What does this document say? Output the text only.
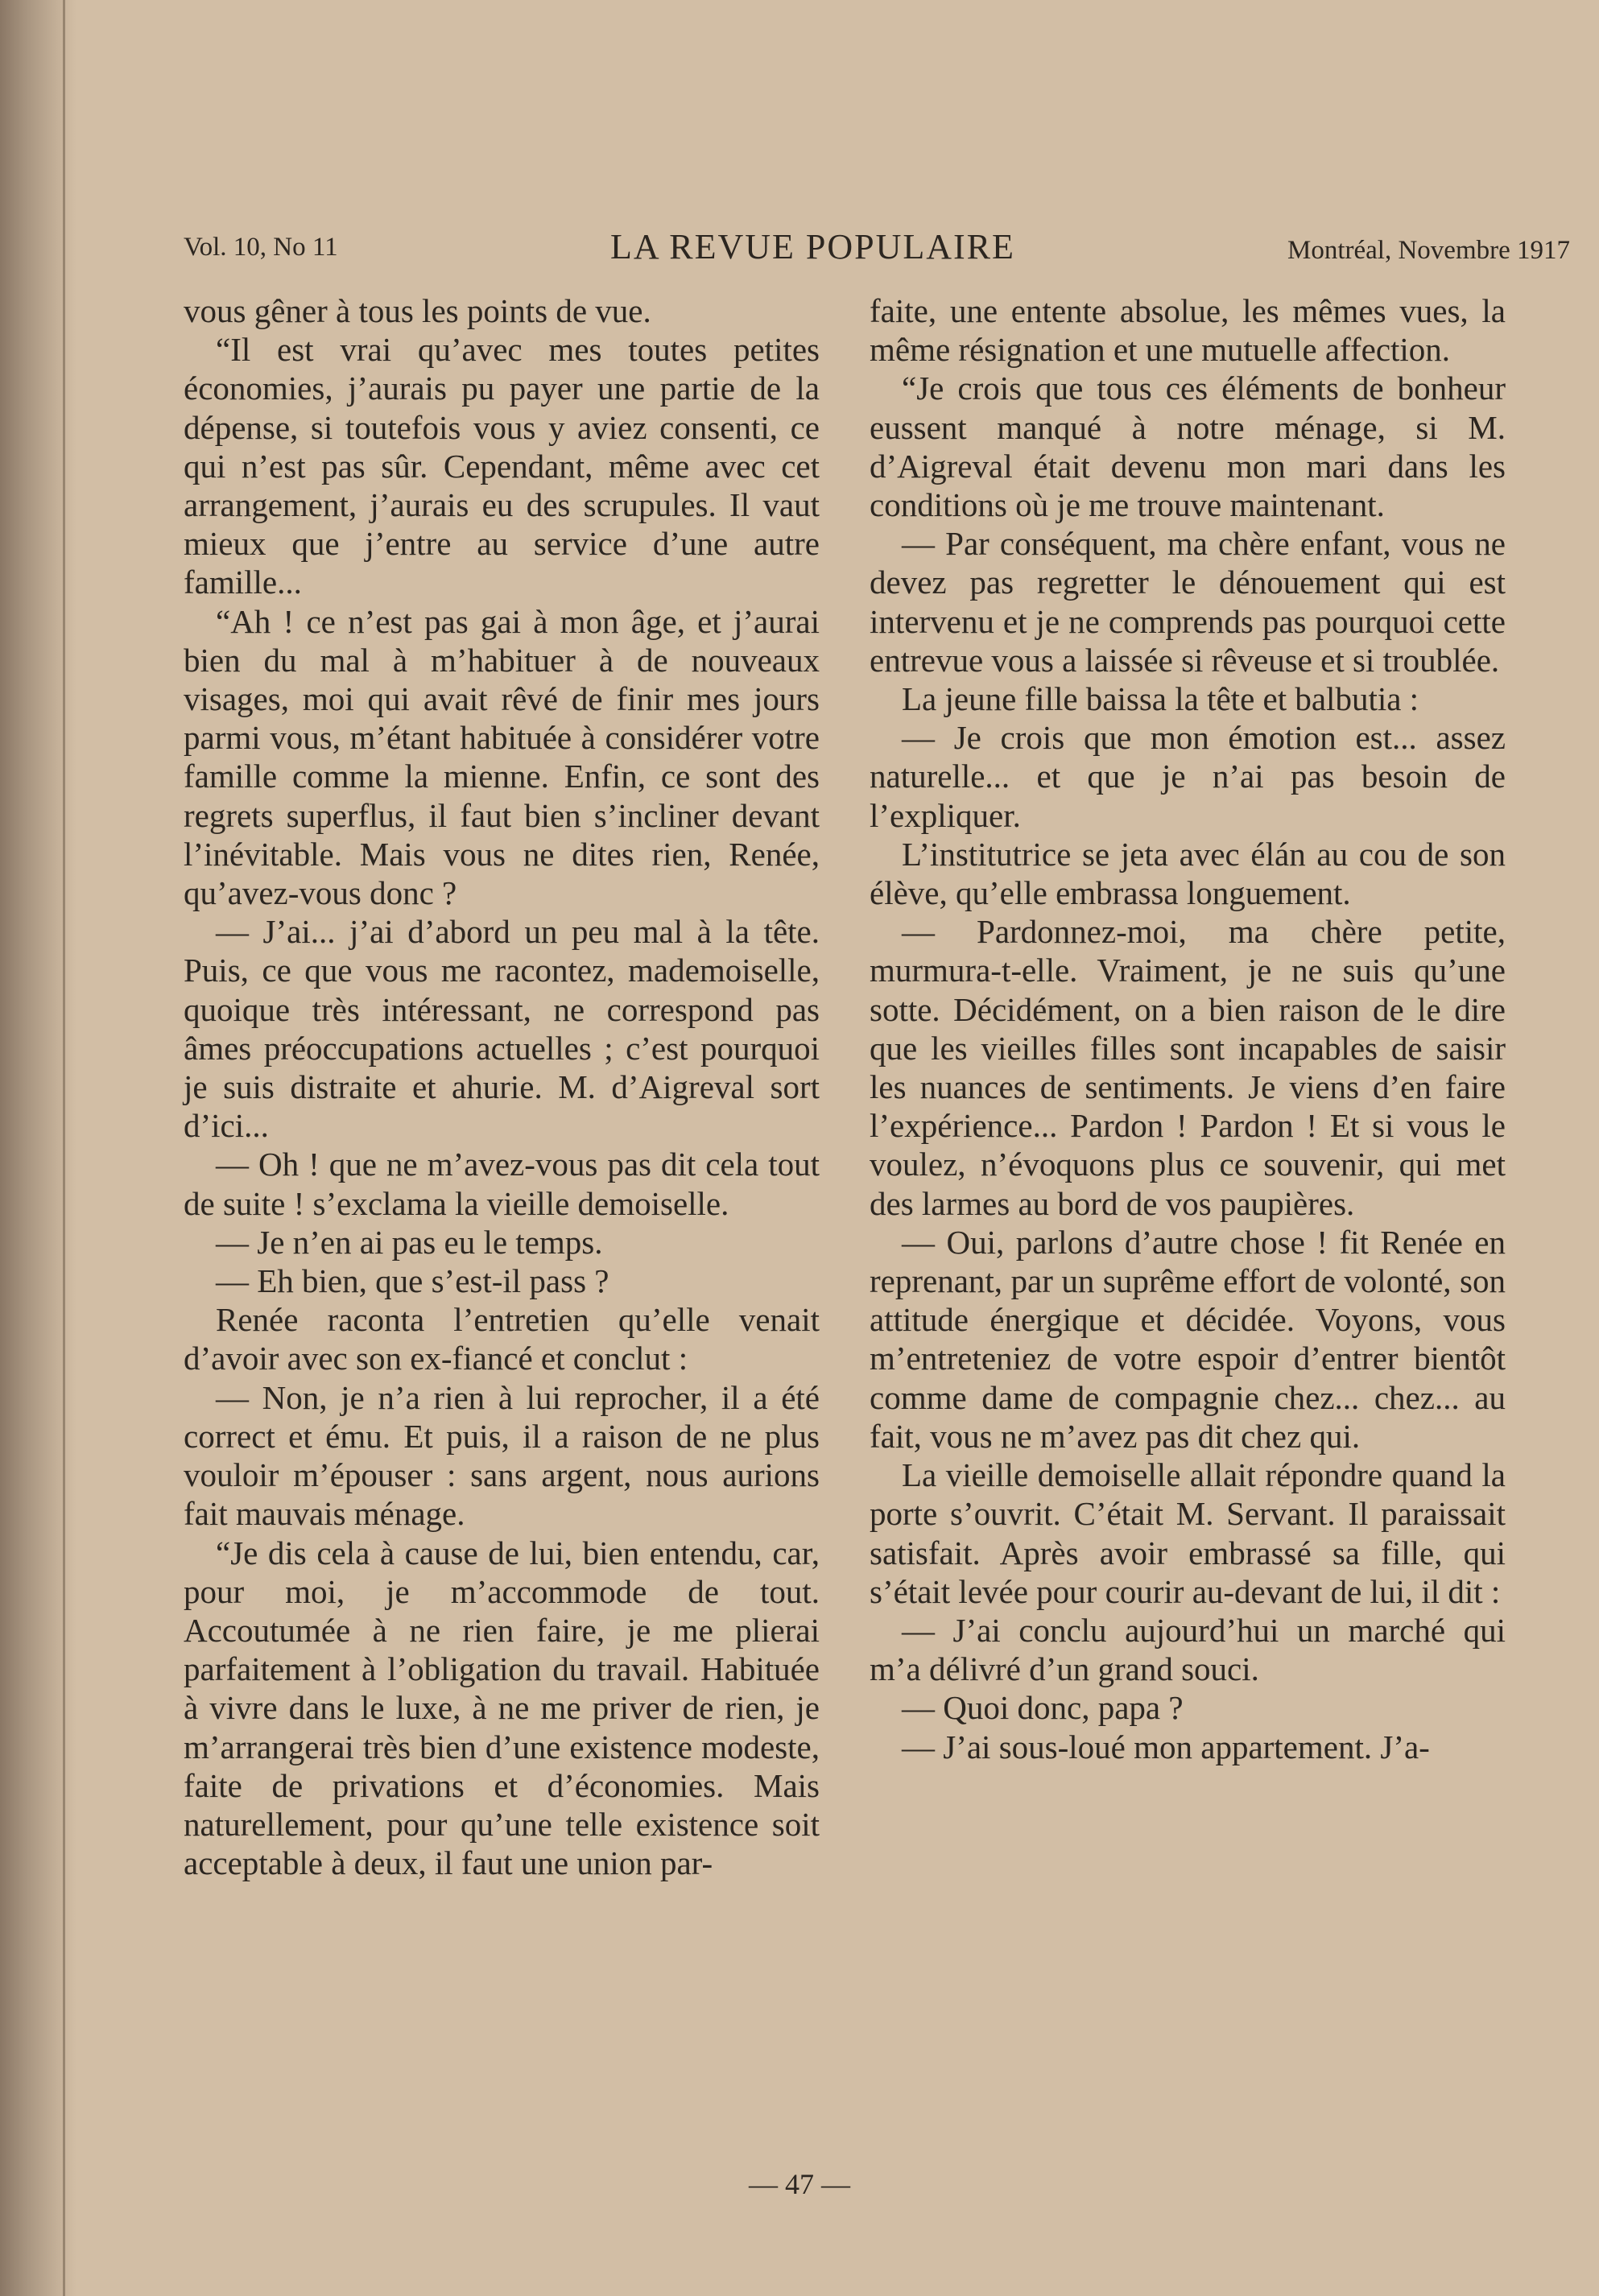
Vol. 10, No 11	LA REVUE POPULAIRE	Montréal, Novembre 1917

vous gêner à tous les points de vue.

“Il est vrai qu’avec mes toutes petites économies, j’aurais pu payer une partie de la dépense, si toutefois vous y aviez consenti, ce qui n’est pas sûr. Cependant, même avec cet arrangement, j’aurais eu des scrupules. Il vaut mieux que j’entre au service d’une autre famille...

“Ah ! ce n’est pas gai à mon âge, et j’aurai bien du mal à m’habituer à de nouveaux visages, moi qui avait rêvé de finir mes jours parmi vous, m’étant habituée à considérer votre famille comme la mienne. Enfin, ce sont des regrets superflus, il faut bien s’incliner devant l’inévitable. Mais vous ne dites rien, Renée, qu’avez-vous donc ?

— J’ai... j’ai d’abord un peu mal à la tête. Puis, ce que vous me racontez, mademoiselle, quoique très intéressant, ne correspond pas âmes préoccupations actuelles ; c’est pourquoi je suis distraite et ahurie. M. d’Aigreval sort d’ici...

— Oh ! que ne m’avez-vous pas dit cela tout de suite ! s’exclama la vieille demoiselle.

— Je n’en ai pas eu le temps.

— Eh bien, que s’est-il pass ?

Renée raconta l’entretien qu’elle venait d’avoir avec son ex-fiancé et conclut :

— Non, je n’a rien à lui reprocher, il a été correct et ému. Et puis, il a raison de ne plus vouloir m’épouser : sans argent, nous aurions fait mauvais ménage.

“Je dis cela à cause de lui, bien entendu, car, pour moi, je m’accommode de tout. Accoutumée à ne rien faire, je me plierai parfaitement à l’obligation du travail. Habituée à vivre dans le luxe, à ne me priver de rien, je m’arrangerai très bien d’une existence modeste, faite de privations et d’économies. Mais naturellement, pour qu’une telle existence soit acceptable à deux, il faut une union par-

faite, une entente absolue, les mêmes vues, la même résignation et une mutuelle affection.

“Je crois que tous ces éléments de bonheur eussent manqué à notre ménage, si M. d’Aigreval était devenu mon mari dans les conditions où je me trouve maintenant.

— Par conséquent, ma chère enfant, vous ne devez pas regretter le dénouement qui est intervenu et je ne comprends pas pourquoi cette entrevue vous a laissée si rêveuse et si troublée.

La jeune fille baissa la tête et balbutia :

— Je crois que mon émotion est... assez naturelle... et que je n’ai pas besoin de l’expliquer.

L’institutrice se jeta avec élán au cou de son élève, qu’elle embrassa longuement.

— Pardonnez-moi, ma chère petite, murmura-t-elle. Vraiment, je ne suis qu’une sotte. Décidément, on a bien raison de le dire que les vieilles filles sont incapables de saisir les nuances de sentiments. Je viens d’en faire l’expérience... Pardon ! Pardon ! Et si vous le voulez, n’évoquons plus ce souvenir, qui met des larmes au bord de vos paupières.

— Oui, parlons d’autre chose ! fit Renée en reprenant, par un suprême effort de volonté, son attitude énergique et décidée. Voyons, vous m’entreteniez de votre espoir d’entrer bientôt comme dame de compagnie chez... chez... au fait, vous ne m’avez pas dit chez qui.

La vieille demoiselle allait répondre quand la porte s’ouvrit. C’était M. Servant. Il paraissait satisfait. Après avoir embrassé sa fille, qui s’était levée pour courir au-devant de lui, il dit :

— J’ai conclu aujourd’hui un marché qui m’a délivré d’un grand souci.

— Quoi donc, papa ?

— J’ai sous-loué mon appartement. J’a-

— 47 —
